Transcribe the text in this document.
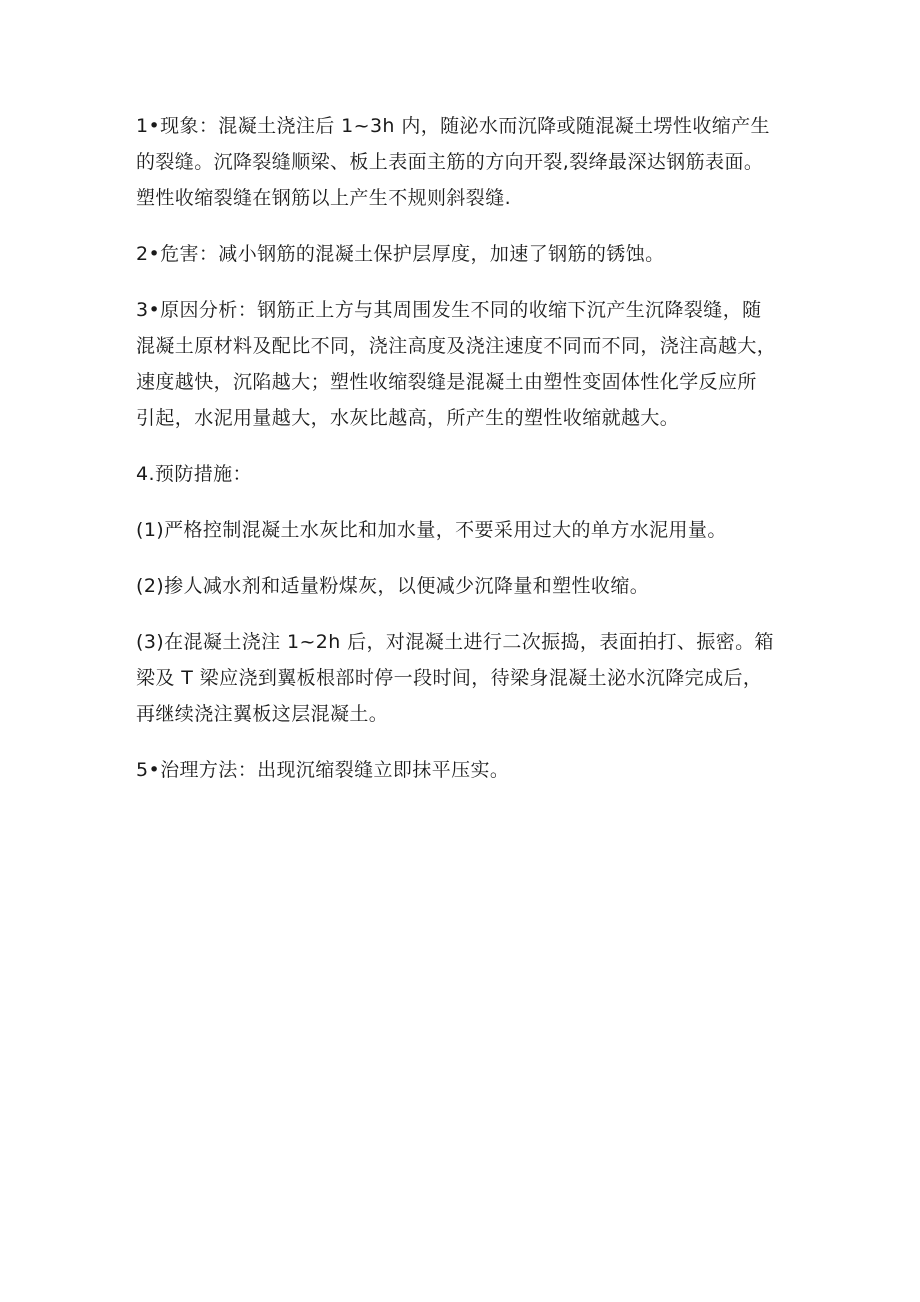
1•现象：混凝土浇注后 1~3h 内，随泌水而沉降或随混凝土塄性收缩产生
的裂缝。沉降裂缝顺梁、板上表面主筋的方向开裂,裂绛最深达钢筋表面。
塑性收缩裂缝在钢筋以上产生不规则斜裂缝.

2•危害：减小钢筋的混凝土保护层厚度，加速了钢筋的锈蚀。

3•原因分析：钢筋正上方与其周围发生不同的收缩下沉产生沉降裂缝，随
混凝土原材料及配比不同，浇注高度及浇注速度不同而不同，浇注高越大，
速度越快，沉陷越大；塑性收缩裂缝是混凝土由塑性变固体性化学反应所
引起，水泥用量越大，水灰比越高，所产生的塑性收缩就越大。

4.预防措施：

(1)严格控制混凝土水灰比和加水量，不要采用过大的单方水泥用量。

(2)掺人减水剂和适量粉煤灰，以便减少沉降量和塑性收缩。

(3)在混凝土浇注 1~2h 后，对混凝土进行二次振捣，表面拍打、振密。箱
梁及 T 梁应浇到翼板根部时停一段时间，待梁身混凝土泌水沉降完成后，
再继续浇注翼板这层混凝土。

5•治理方法：出现沉缩裂缝立即抹平压实。
